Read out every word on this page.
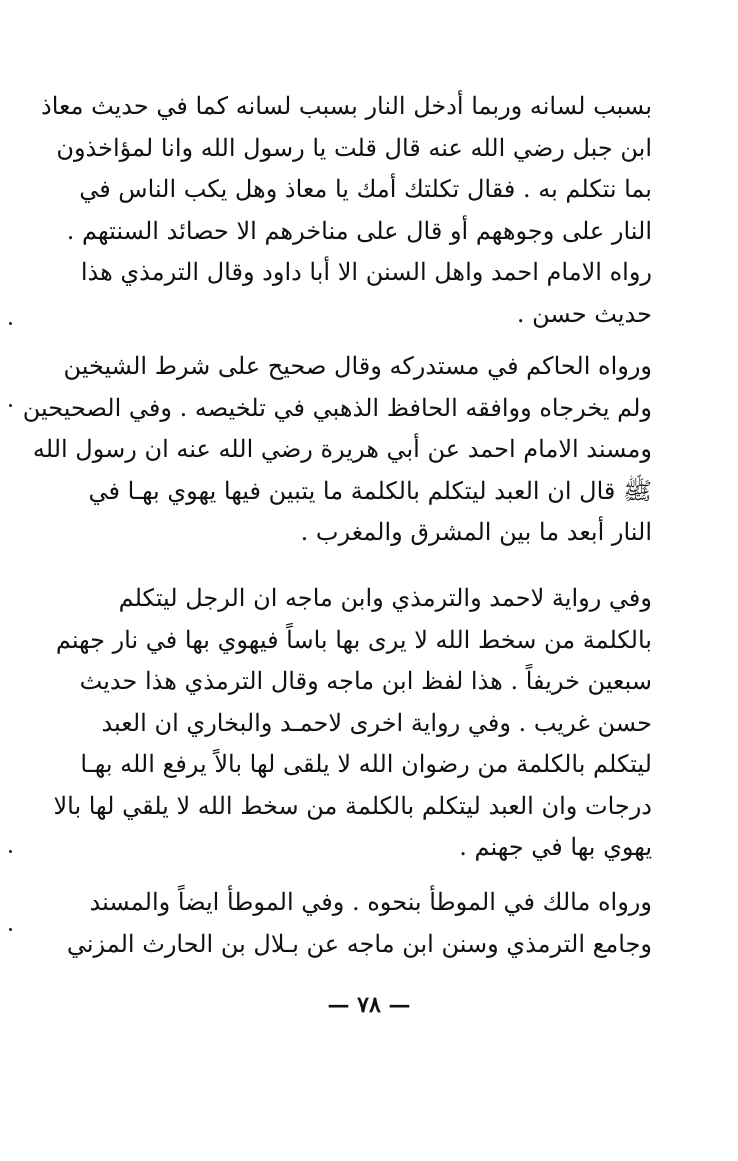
بسبب لسانه وربما أدخل النار بسبب لسانه كما في حديث معاذ
ابن جبل رضي الله عنه قال قلت يا رسول الله وانا لمؤاخذون
بما نتكلم به . فقال تكلتك أمك يا معاذ وهل يكب الناس في
النار على وجوههم أو قال على مناخرهم الا حصائد السنتهم .
رواه الامام احمد واهل السنن الا أبا داود وقال الترمذي هذا
حديث حسن .
ورواه الحاكم في مستدركه وقال صحيح على شرط الشيخين
ولم يخرجاه ووافقه الحافظ الذهبي في تلخيصه . وفي الصحيحين
ومسند الامام احمد عن أبي هريرة رضي الله عنه ان رسول الله
ﷺ قال ان العبد ليتكلم بالكلمة ما يتبين فيها يهوي بهـا في
النار أبعد ما بين المشرق والمغرب .
وفي رواية لاحمد والترمذي وابن ماجه ان الرجل ليتكلم
بالكلمة من سخط الله لا يرى بها باساً فيهوي بها في نار جهنم
سبعين خريفاً . هذا لفظ ابن ماجه وقال الترمذي هذا حديث
حسن غريب . وفي رواية اخرى لاحمـد والبخاري ان العبد
ليتكلم بالكلمة من رضوان الله لا يلقى لها بالاً يرفع الله بهـا
درجات وان العبد ليتكلم بالكلمة من سخط الله لا يلقي لها بالا
يهوي بها في جهنم .
ورواه مالك في الموطأ بنحوه . وفي الموطأ ايضاً والمسند
وجامع الترمذي وسنن ابن ماجه عن بـلال بن الحارث المزني
— ٧٨ —
